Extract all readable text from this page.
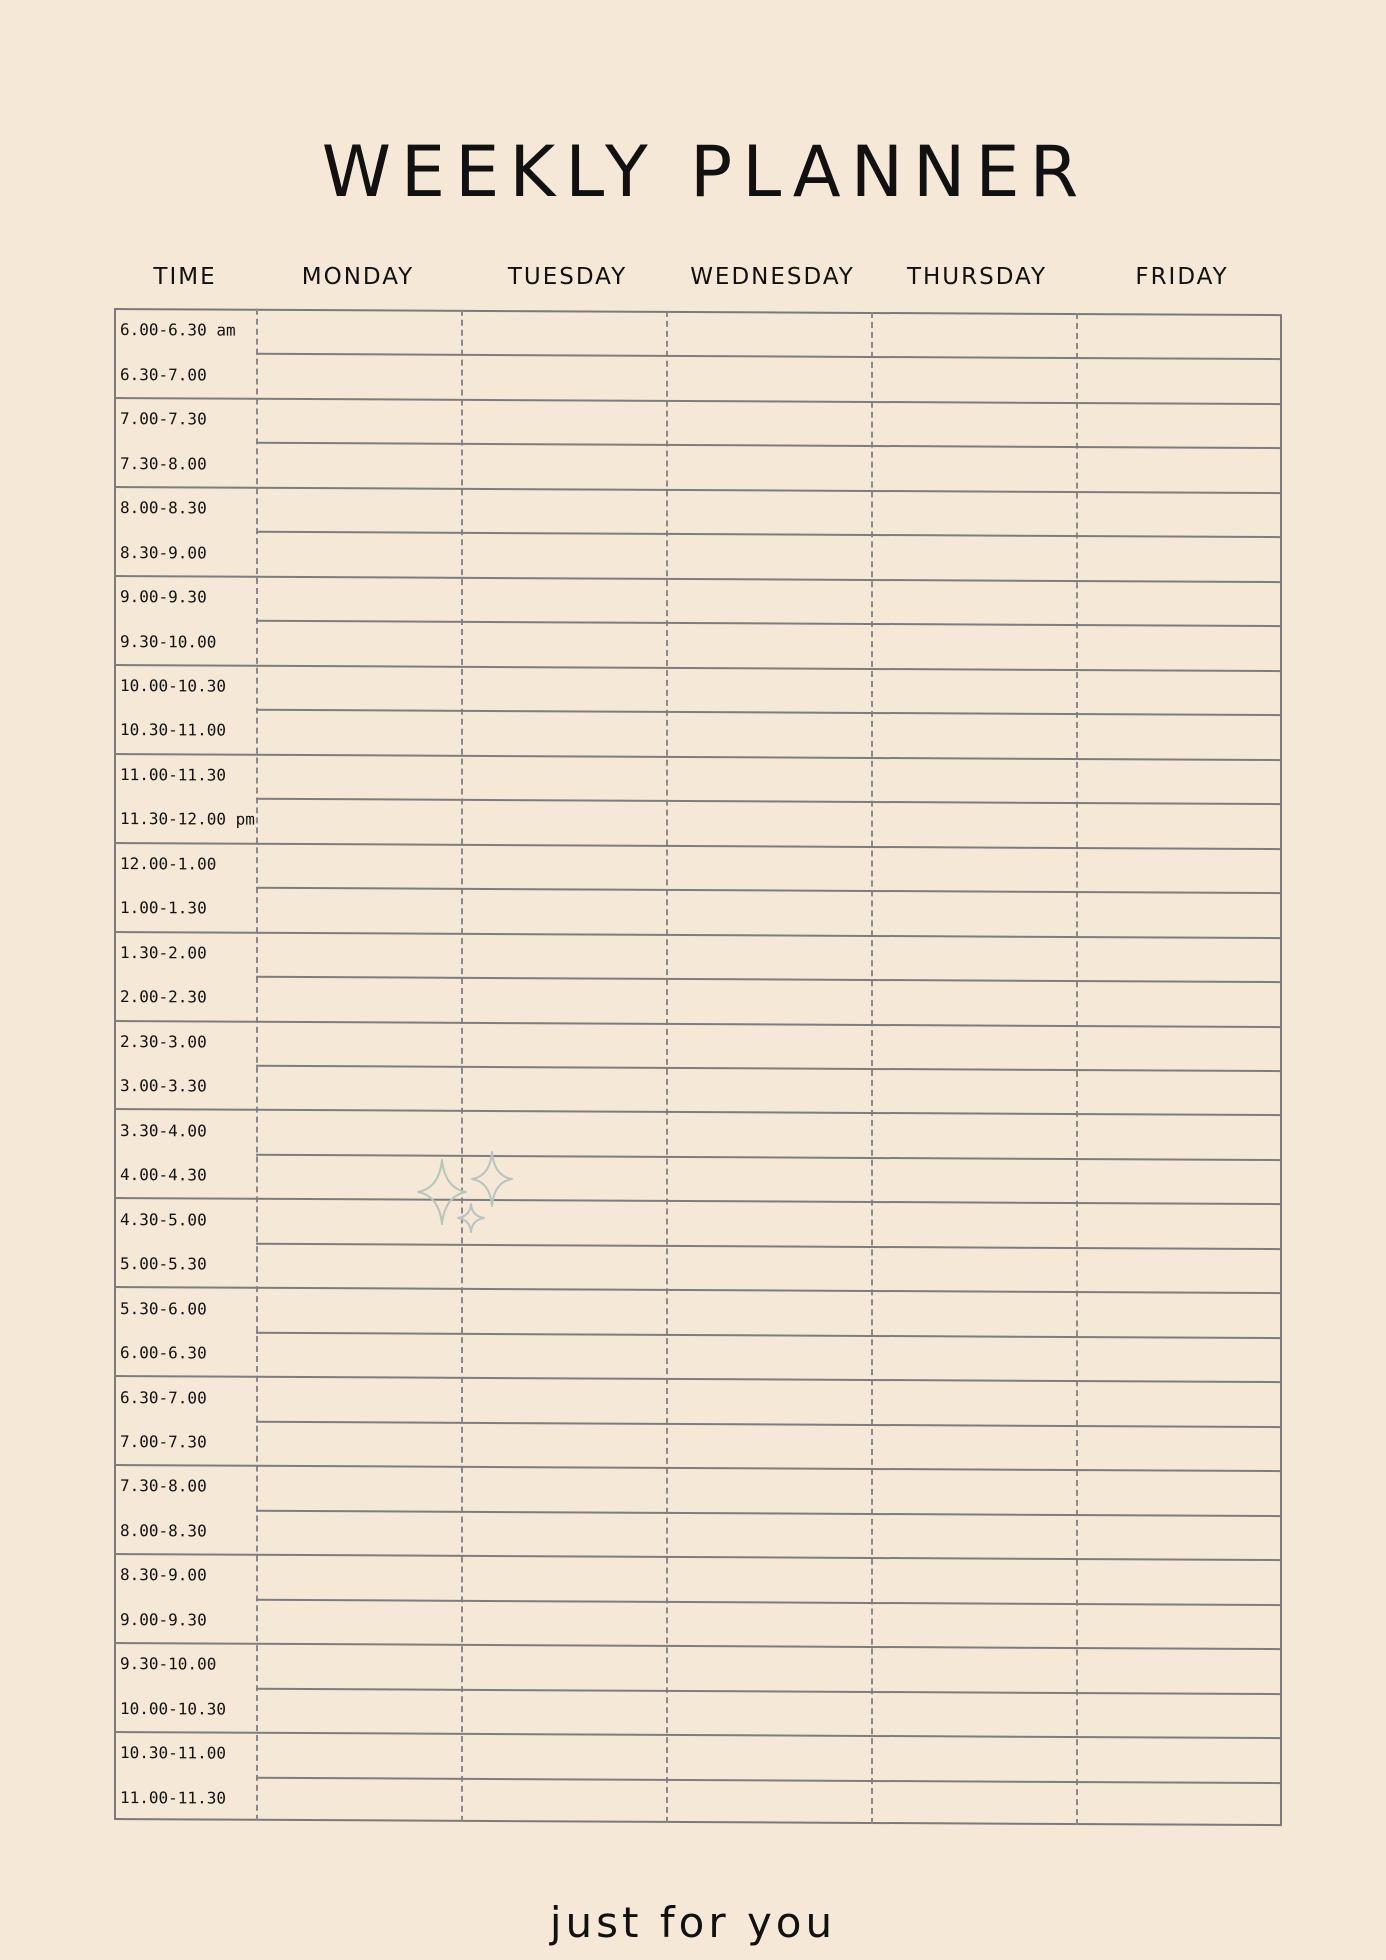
WEEKLY PLANNER
TIME	MONDAY	TUESDAY	WEDNESDAY	THURSDAY	FRIDAY
6.00-6.30 am
6.30-7.00
7.00-7.30
7.30-8.00
8.00-8.30
8.30-9.00
9.00-9.30
9.30-10.00
10.00-10.30
10.30-11.00
11.00-11.30
11.30-12.00 pm
12.00-1.00
1.00-1.30
1.30-2.00
2.00-2.30
2.30-3.00
3.00-3.30
3.30-4.00
4.00-4.30
4.30-5.00
5.00-5.30
5.30-6.00
6.00-6.30
6.30-7.00
7.00-7.30
7.30-8.00
8.00-8.30
8.30-9.00
9.00-9.30
9.30-10.00
10.00-10.30
10.30-11.00
11.00-11.30

just for you
